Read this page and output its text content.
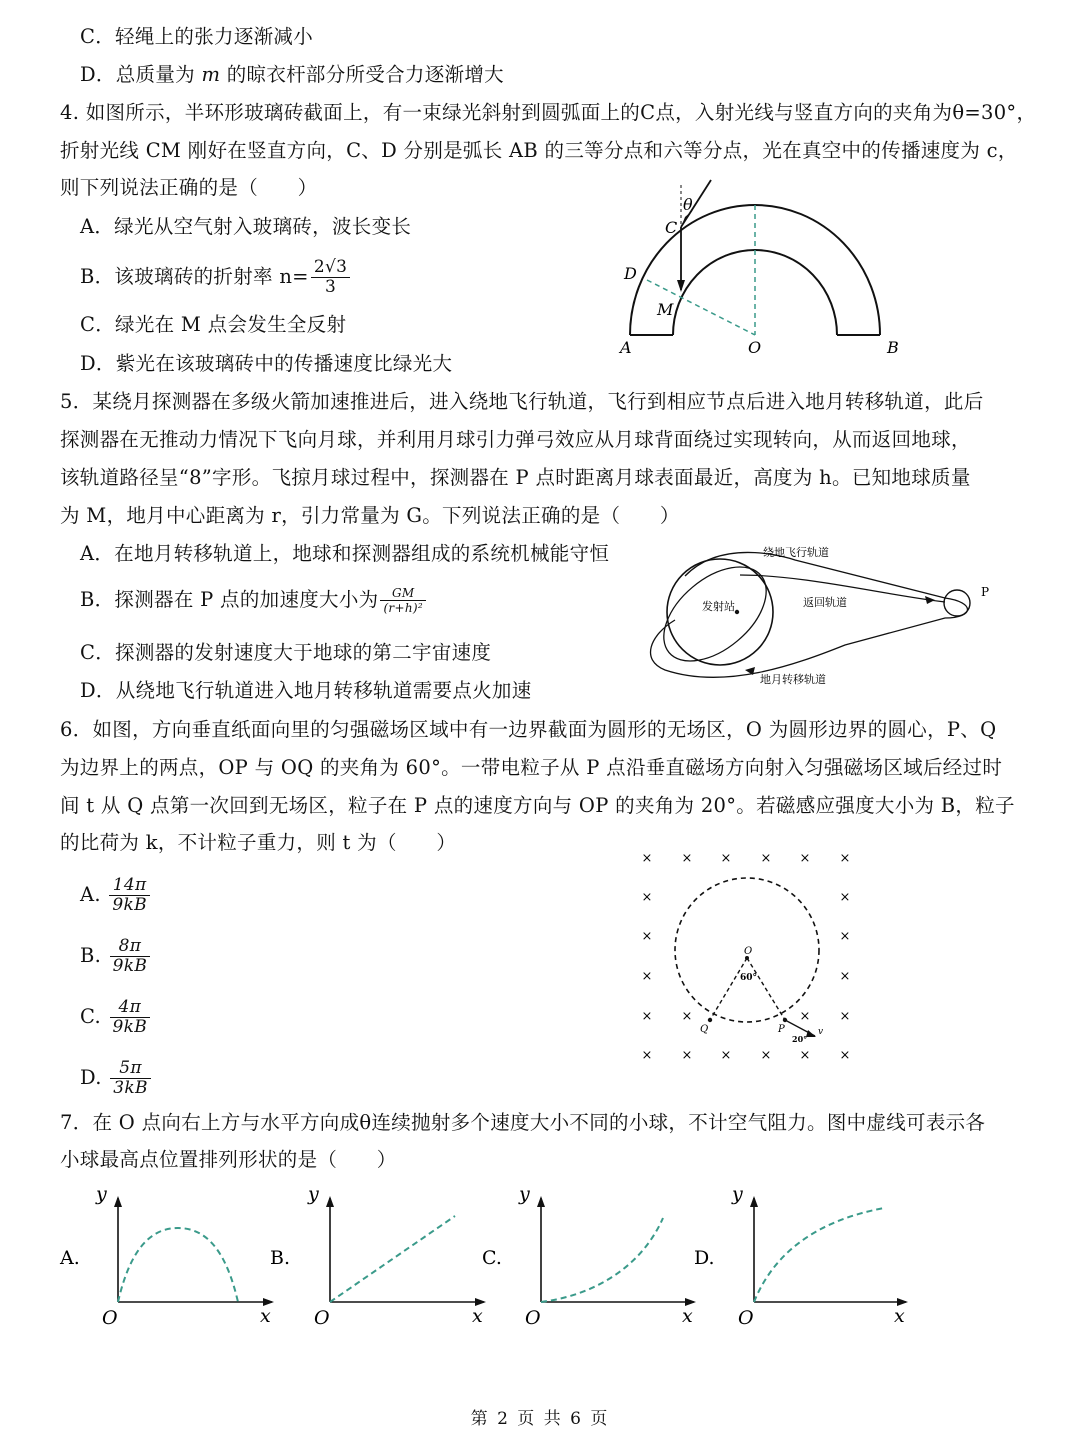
C．轻绳上的张力逐渐减小
D．总质量为 m 的晾衣杆部分所受合力逐渐增大
4. 如图所示，半环形玻璃砖截面上，有一束绿光斜射到圆弧面上的C点，入射光线与竖直方向的夹角为θ=30°，
折射光线 CM 刚好在竖直方向，C、D 分别是弧长 AB 的三等分点和六等分点，光在真空中的传播速度为 c，
则下列说法正确的是（　　）
A．绿光从空气射入玻璃砖，波长变长
B．该玻璃砖的折射率 $n= \frac{2√3}{3}$
C．绿光在 M 点会发生全反射
D．紫光在该玻璃砖中的传播速度比绿光大
θ
C
D
M
A	O	B
5．某绕月探测器在多级火箭加速推进后，进入绕地飞行轨道，飞行到相应节点后进入地月转移轨道，此后
探测器在无推动力情况下飞向月球，并利用月球引力弹弓效应从月球背面绕过实现转向，从而返回地球，
该轨道路径呈“8”字形。飞掠月球过程中，探测器在 P 点时距离月球表面最近，高度为 h。已知地球质量
为 M，地月中心距离为 r，引力常量为 G。下列说法正确的是（　　）
A．在地月转移轨道上，地球和探测器组成的系统机械能守恒
B．探测器在 P 点的加速度大小为 $\frac{GM}{\text{(r+h)²}}$
C．探测器的发射速度大于地球的第二宇宙速度
D．从绕地飞行轨道进入地月转移轨道需要点火加速
绕地飞行轨道
发射站	返回轨道
地月转移轨道
P
6．如图，方向垂直纸面向里的匀强磁场区域中有一边界截面为圆形的无场区，O 为圆形边界的圆心，P、Q
为边界上的两点，OP 与 OQ 的夹角为 60°。一带电粒子从 P 点沿垂直磁场方向射入匀强磁场区域后经过时
间 t 从 Q 点第一次回到无场区，粒子在 P 点的速度方向与 OP 的夹角为 20°。若磁感应强度大小为 B，粒子
的比荷为 k，不计粒子重力，则 t 为（　　）
A. $\frac{14\pi}{9kB}$
B. $\frac{8\pi}{9kB}$
C. $\frac{4\pi}{9kB}$
D. $\frac{5\pi}{3kB}$
× × × × × ×
×	×
×	×
×	×
× ×	× ×
× × × × × ×
O
60°
Q	P
20°
v
7．在 O 点向右上方与水平方向成θ连续抛射多个速度大小不同的小球，不计空气阻力。图中虚线可表示各
小球最高点位置排列形状的是（　　）
A.
y
x
O
B.
y
x
O
C.
y
x
O
D.
y
x
O
第 2 页 共 6 页
